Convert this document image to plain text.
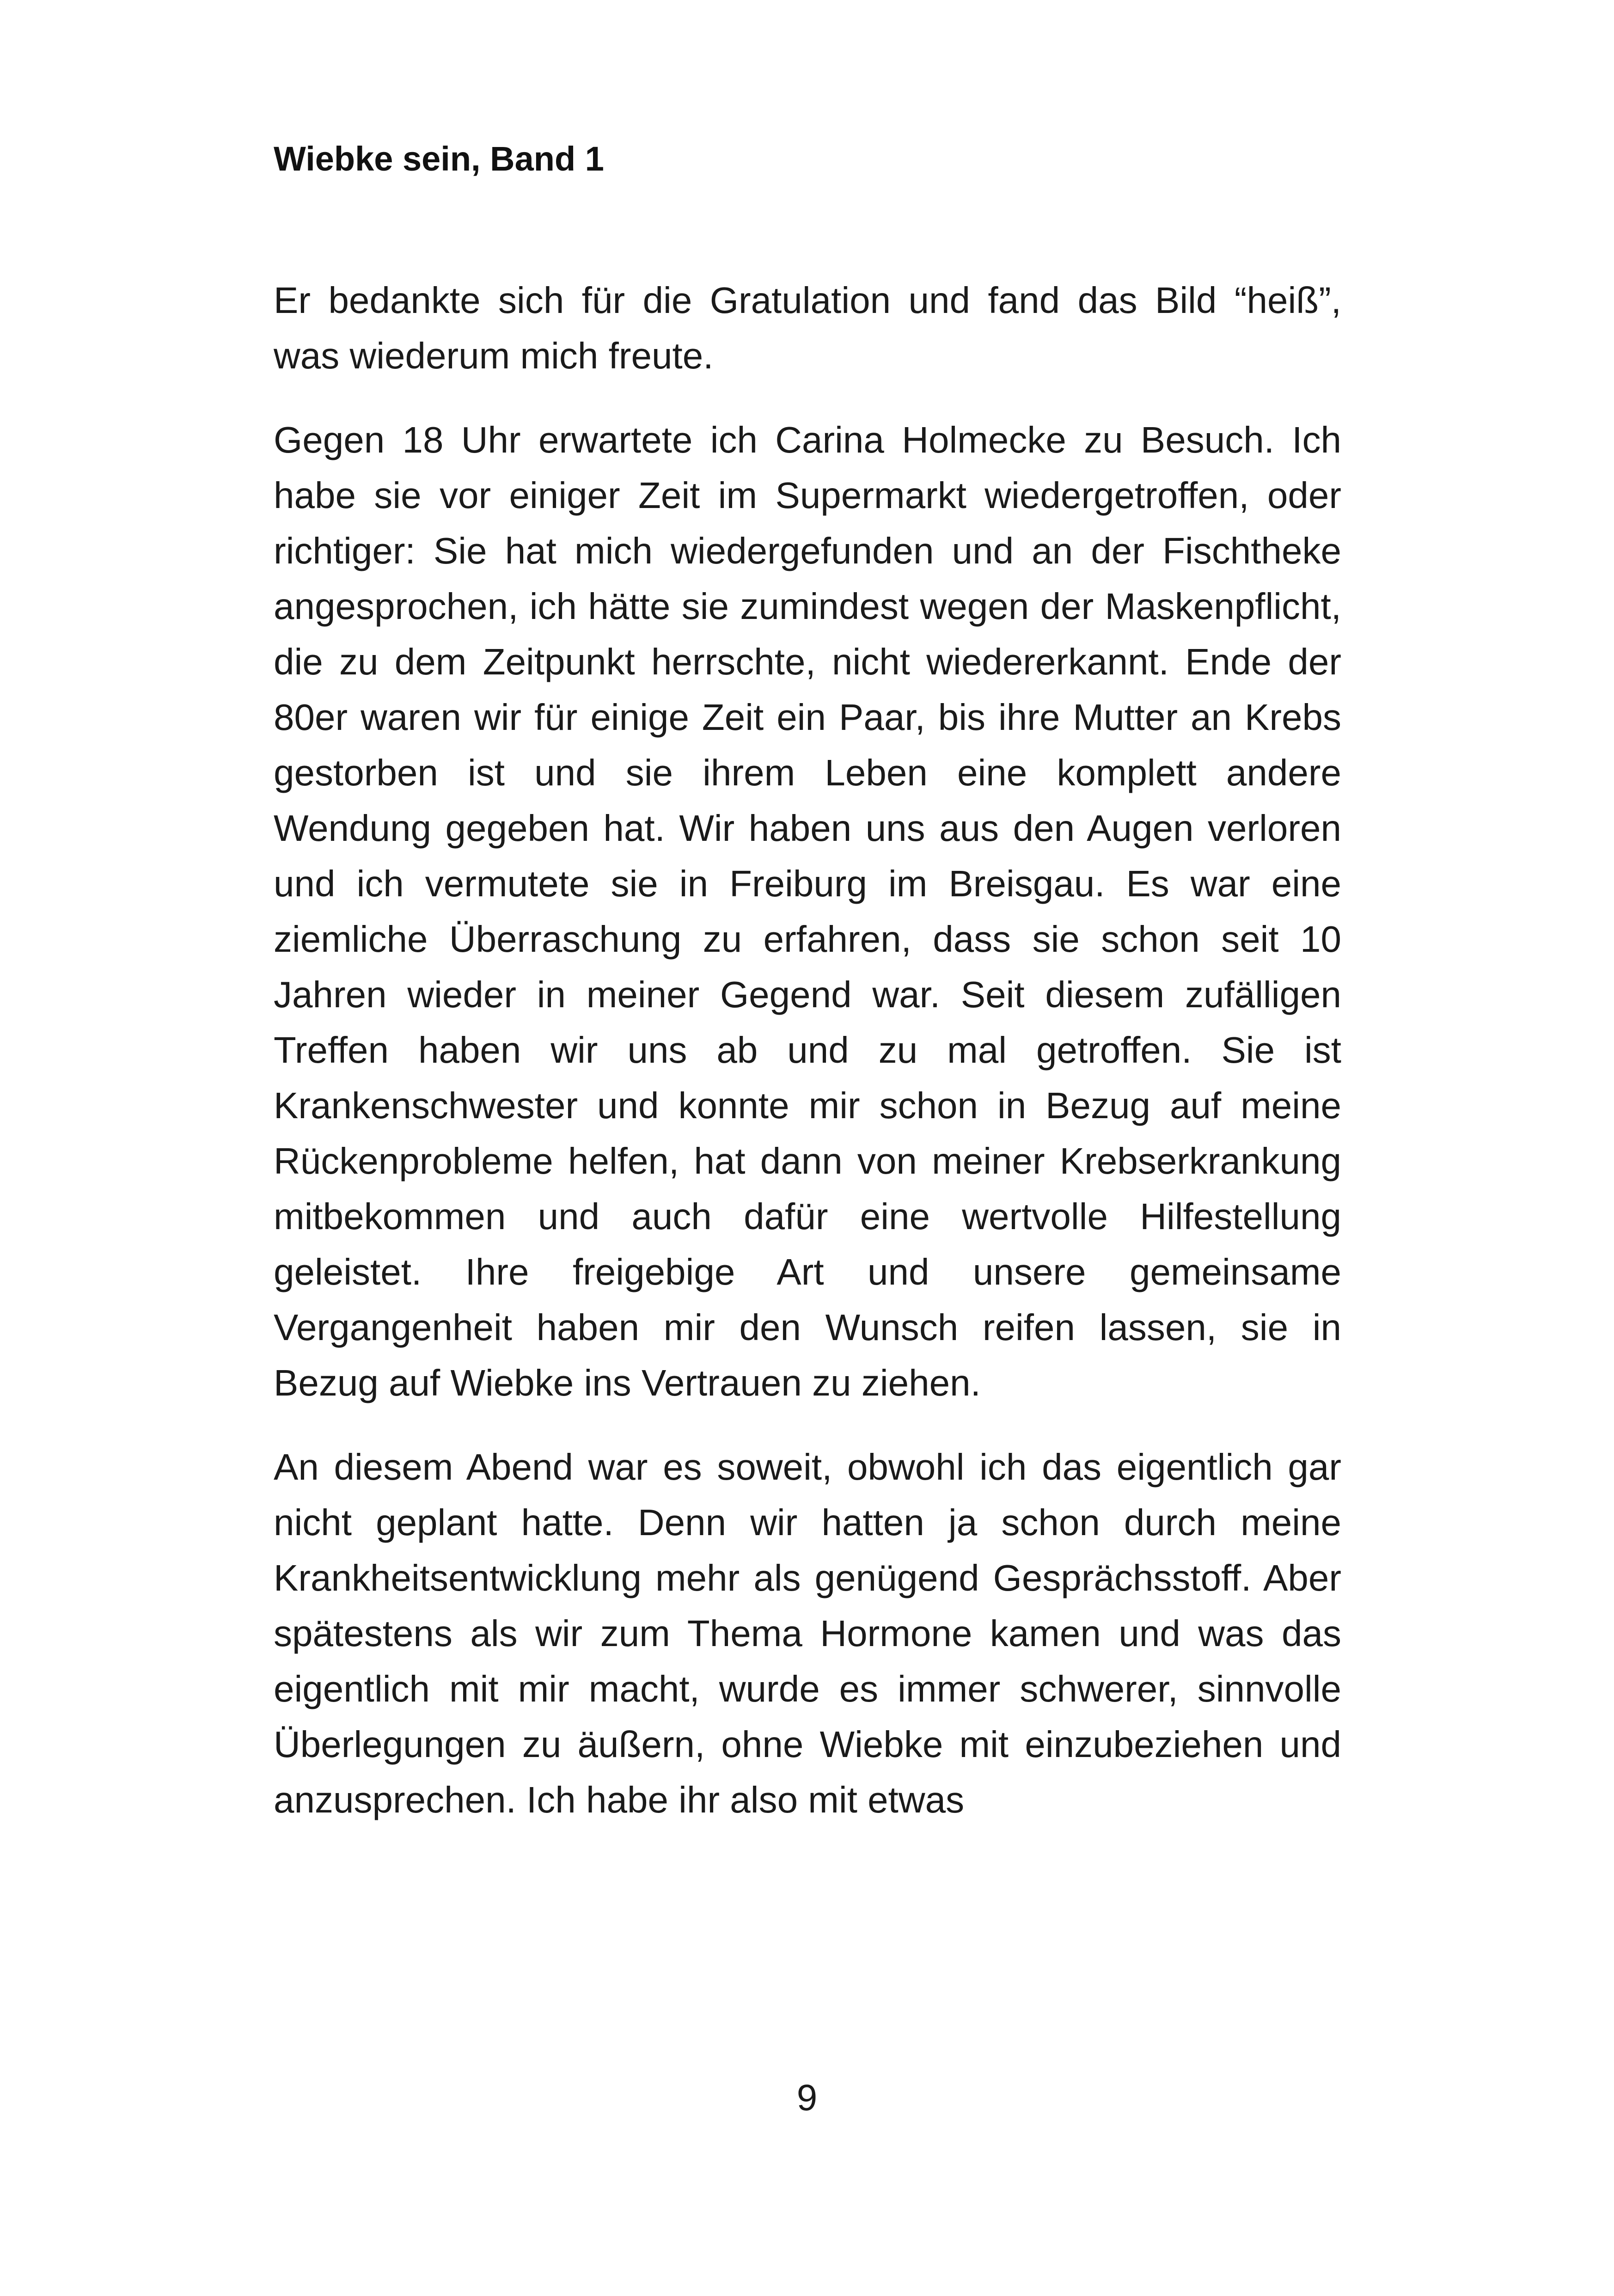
Wiebke sein, Band 1

Er bedankte sich für die Gratulation und fand das Bild “heiß”, was wiederum mich freute.

Gegen 18 Uhr erwartete ich Carina Holmecke zu Besuch. Ich habe sie vor einiger Zeit im Supermarkt wiedergetroffen, oder richtiger: Sie hat mich wiedergefunden und an der Fischtheke angesprochen, ich hätte sie zumindest wegen der Maskenpflicht, die zu dem Zeitpunkt herrschte, nicht wiedererkannt. Ende der 80er waren wir für einige Zeit ein Paar, bis ihre Mutter an Krebs gestorben ist und sie ihrem Leben eine komplett andere Wendung gegeben hat. Wir haben uns aus den Augen verloren und ich vermutete sie in Freiburg im Breisgau. Es war eine ziemliche Überraschung zu erfahren, dass sie schon seit 10 Jahren wieder in meiner Gegend war. Seit diesem zufälligen Treffen haben wir uns ab und zu mal getroffen. Sie ist Krankenschwester und konnte mir schon in Bezug auf meine Rückenprobleme helfen, hat dann von meiner Krebserkrankung mitbekommen und auch dafür eine wertvolle Hilfestellung geleistet. Ihre freigebige Art und unsere gemeinsame Vergangenheit haben mir den Wunsch reifen lassen, sie in Bezug auf Wiebke ins Vertrauen zu ziehen.

An diesem Abend war es soweit, obwohl ich das eigentlich gar nicht geplant hatte. Denn wir hatten ja schon durch meine Krankheitsentwicklung mehr als genügend Gesprächsstoff. Aber spätestens als wir zum Thema Hormone kamen und was das eigentlich mit mir macht, wurde es immer schwerer, sinnvolle Überlegungen zu äußern, ohne Wiebke mit einzubeziehen und anzusprechen. Ich habe ihr also mit etwas

9
